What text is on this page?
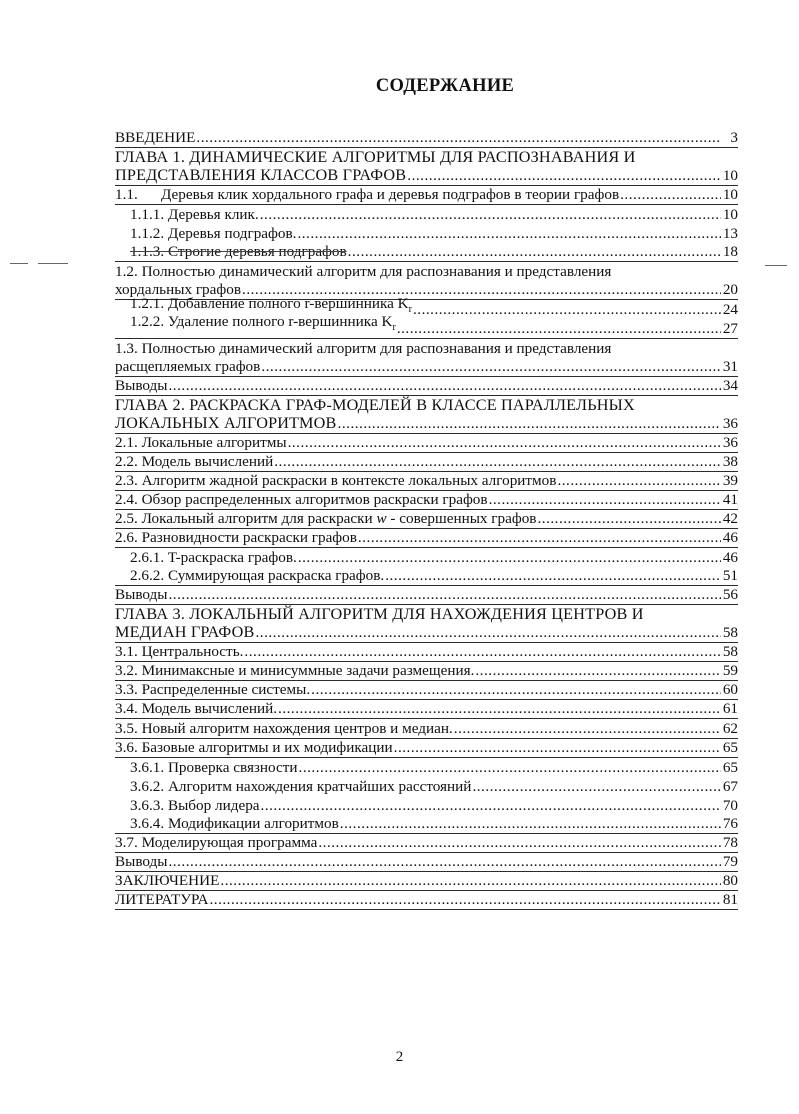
СОДЕРЖАНИЕ
ВВЕДЕНИЕ .....	3
ГЛАВА 1. ДИНАМИЧЕСКИЕ АЛГОРИТМЫ ДЛЯ РАСПОЗНАВАНИЯ И
ПРЕДСТАВЛЕНИЯ КЛАССОВ ГРАФОВ .....	10
1.1.	Деревья клик хордального графа и деревья подграфов в теории графов .....	10
1.1.1. Деревья клик. .....	10
1.1.2. Деревья подграфов. .....	13
1.1.3. Строгие деревья подграфов .....	18
1.2. Полностью динамический алгоритм для распознавания и представления
хордальных графов .....	20
1.2.1. Добавление полного r-вершинника $K_r$ .....	24
1.2.2. Удаление полного r-вершинника $K_r$ .....	27
1.3. Полностью динамический алгоритм для распознавания и представления
расщепляемых графов .....	31
Выводы .....	34
ГЛАВА 2. РАСКРАСКА ГРАФ-МОДЕЛЕЙ В КЛАССЕ ПАРАЛЛЕЛЬНЫХ
ЛОКАЛЬНЫХ АЛГОРИТМОВ .....	36
2.1. Локальные алгоритмы .....	36
2.2. Модель вычислений .....	38
2.3. Алгоритм жадной раскраски в контексте локальных алгоритмов .....	39
2.4. Обзор распределенных алгоритмов раскраски графов .....	41
2.5. Локальный алгоритм для раскраски w - совершенных графов .....	42
2.6. Разновидности раскраски графов .....	46
2.6.1. T-раскраска графов. .....	46
2.6.2. Суммирующая раскраска графов. .....	51
Выводы .....	56
ГЛАВА 3. ЛОКАЛЬНЫЙ АЛГОРИТМ ДЛЯ НАХОЖДЕНИЯ ЦЕНТРОВ И
МЕДИАН ГРАФОВ .....	58
3.1. Центральность. .....	58
3.2. Минимаксные и минисуммные задачи размещения. .....	59
3.3. Распределенные системы. .....	60
3.4. Модель вычислений. .....	61
3.5. Новый алгоритм нахождения центров и медиан. .....	62
3.6. Базовые алгоритмы и их модификации .....	65
3.6.1. Проверка связности .....	65
3.6.2. Алгоритм нахождения кратчайших расстояний .....	67
3.6.3. Выбор лидера .....	70
3.6.4. Модификации алгоритмов .....	76
3.7. Моделирующая программа .....	78
Выводы .....	79
ЗАКЛЮЧЕНИЕ .....	80
ЛИТЕРАТУРА .....	81
2
